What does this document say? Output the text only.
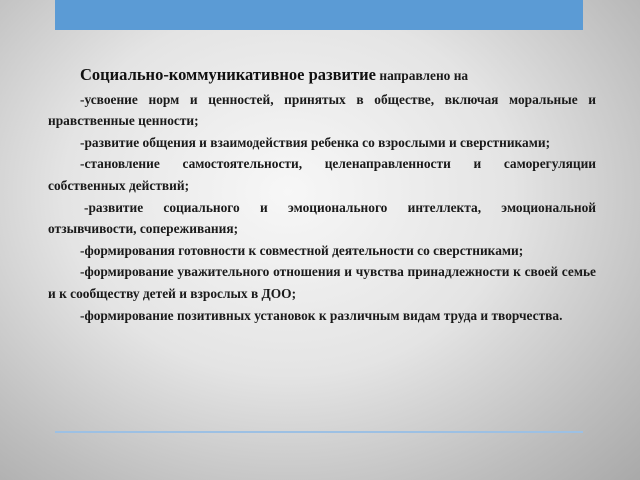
Социально-коммуникативное развитие направлено на

-усвоение норм и ценностей, принятых в обществе, включая моральные и нравственные ценности;

-развитие общения и взаимодействия ребенка со взрослыми и сверстниками;

-становление самостоятельности, целенаправленности и саморегуляции собственных действий;

-развитие социального и эмоционального интеллекта, эмоциональной отзывчивости, сопереживания;

-формирования готовности к совместной деятельности со сверстниками;

-формирование уважительного отношения и чувства принадлежности к своей семье и к сообществу детей и взрослых в ДОО;

-формирование позитивных установок к различным видам труда и творчества.
